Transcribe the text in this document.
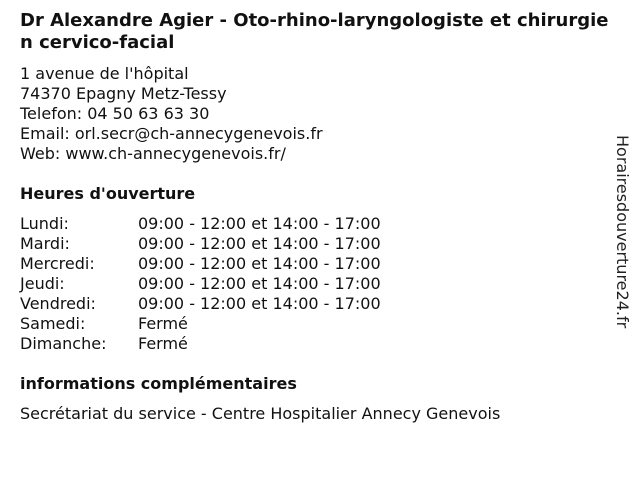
Dr Alexandre Agier - Oto-rhino-laryngologiste et chirurgien cervico-facial
1 avenue de l'hôpital
74370 Epagny Metz-Tessy
Telefon: 04 50 63 63 30
Email: orl.secr@ch-annecygenevois.fr
Web: www.ch-annecygenevois.fr/
Heures d'ouverture
Lundi:	09:00 - 12:00 et 14:00 - 17:00
Mardi:	09:00 - 12:00 et 14:00 - 17:00
Mercredi:	09:00 - 12:00 et 14:00 - 17:00
Jeudi:	09:00 - 12:00 et 14:00 - 17:00
Vendredi:	09:00 - 12:00 et 14:00 - 17:00
Samedi:	Fermé
Dimanche: Fermé
informations complémentaires
Secrétariat du service - Centre Hospitalier Annecy Genevois
Horairesdouverture24.fr
